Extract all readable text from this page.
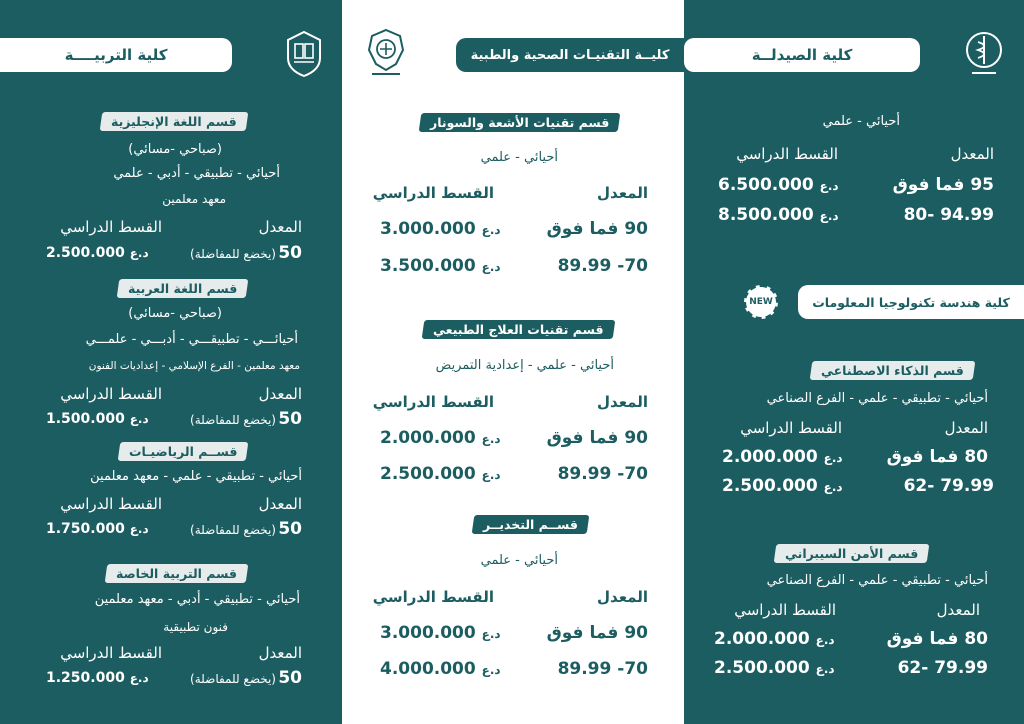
كلية التربيــــة
قسم اللغة الإنجليزية
(صباحي -مسائي)
أحيائي - تطبيقي - أدبي - علمي
معهد معلمين
المعدل
القسط الدراسي
50
(يخضع للمفاضلة)
د.ع 2.500.000
قسم اللغة العربية
(صباحي -مسائي)
أحيائـــي - تطبيقـــي - أدبـــي - علمـــي
معهد معلمين - الفرع الإسلامي - إعداديات الفنون
المعدل
القسط الدراسي
50
(يخضع للمفاضلة)
د.ع 1.500.000
قســم الرياضيـات
أحيائي - تطبيقي - علمي - معهد معلمين
المعدل
القسط الدراسي
50
(يخضع للمفاضلة)
د.ع 1.750.000
قسم التربية الخاصة
أحيائي - تطبيقي - أدبي - معهد معلمين
فنون تطبيقية
المعدل
القسط الدراسي
50
(يخضع للمفاضلة)
د.ع 1.250.000
كليــة التقنيـات الصحية والطبية
قسم تقنيات الأشعة والسونار
أحيائي - علمي
المعدل
القسط الدراسي
90 فما فوق
د.ع 3.000.000
70- 89.99
د.ع 3.500.000
قسم تقنيات العلاج الطبيعي
أحيائي - علمي - إعدادية التمريض
المعدل
القسط الدراسي
90 فما فوق
د.ع 2.000.000
70- 89.99
د.ع 2.500.000
قســم التخديــر
أحيائي - علمي
المعدل
القسط الدراسي
90 فما فوق
د.ع 3.000.000
70- 89.99
د.ع 4.000.000
كلية الصيدلــة
أحيائي - علمي
المعدل
القسط الدراسي
95 فما فوق
د.ع 6.500.000
80- 94.99
د.ع 8.500.000
كلية هندسة تكنولوجيا المعلومات
NEW
قسم الذكاء الاصطناعي
أحيائي - تطبيقي - علمي - الفرع الصناعي
المعدل
القسط الدراسي
80 فما فوق
د.ع 2.000.000
62- 79.99
د.ع 2.500.000
قسم الأمن السيبراني
أحيائي - تطبيقي - علمي - الفرع الصناعي
المعدل
القسط الدراسي
80 فما فوق
د.ع 2.000.000
62- 79.99
د.ع 2.500.000
